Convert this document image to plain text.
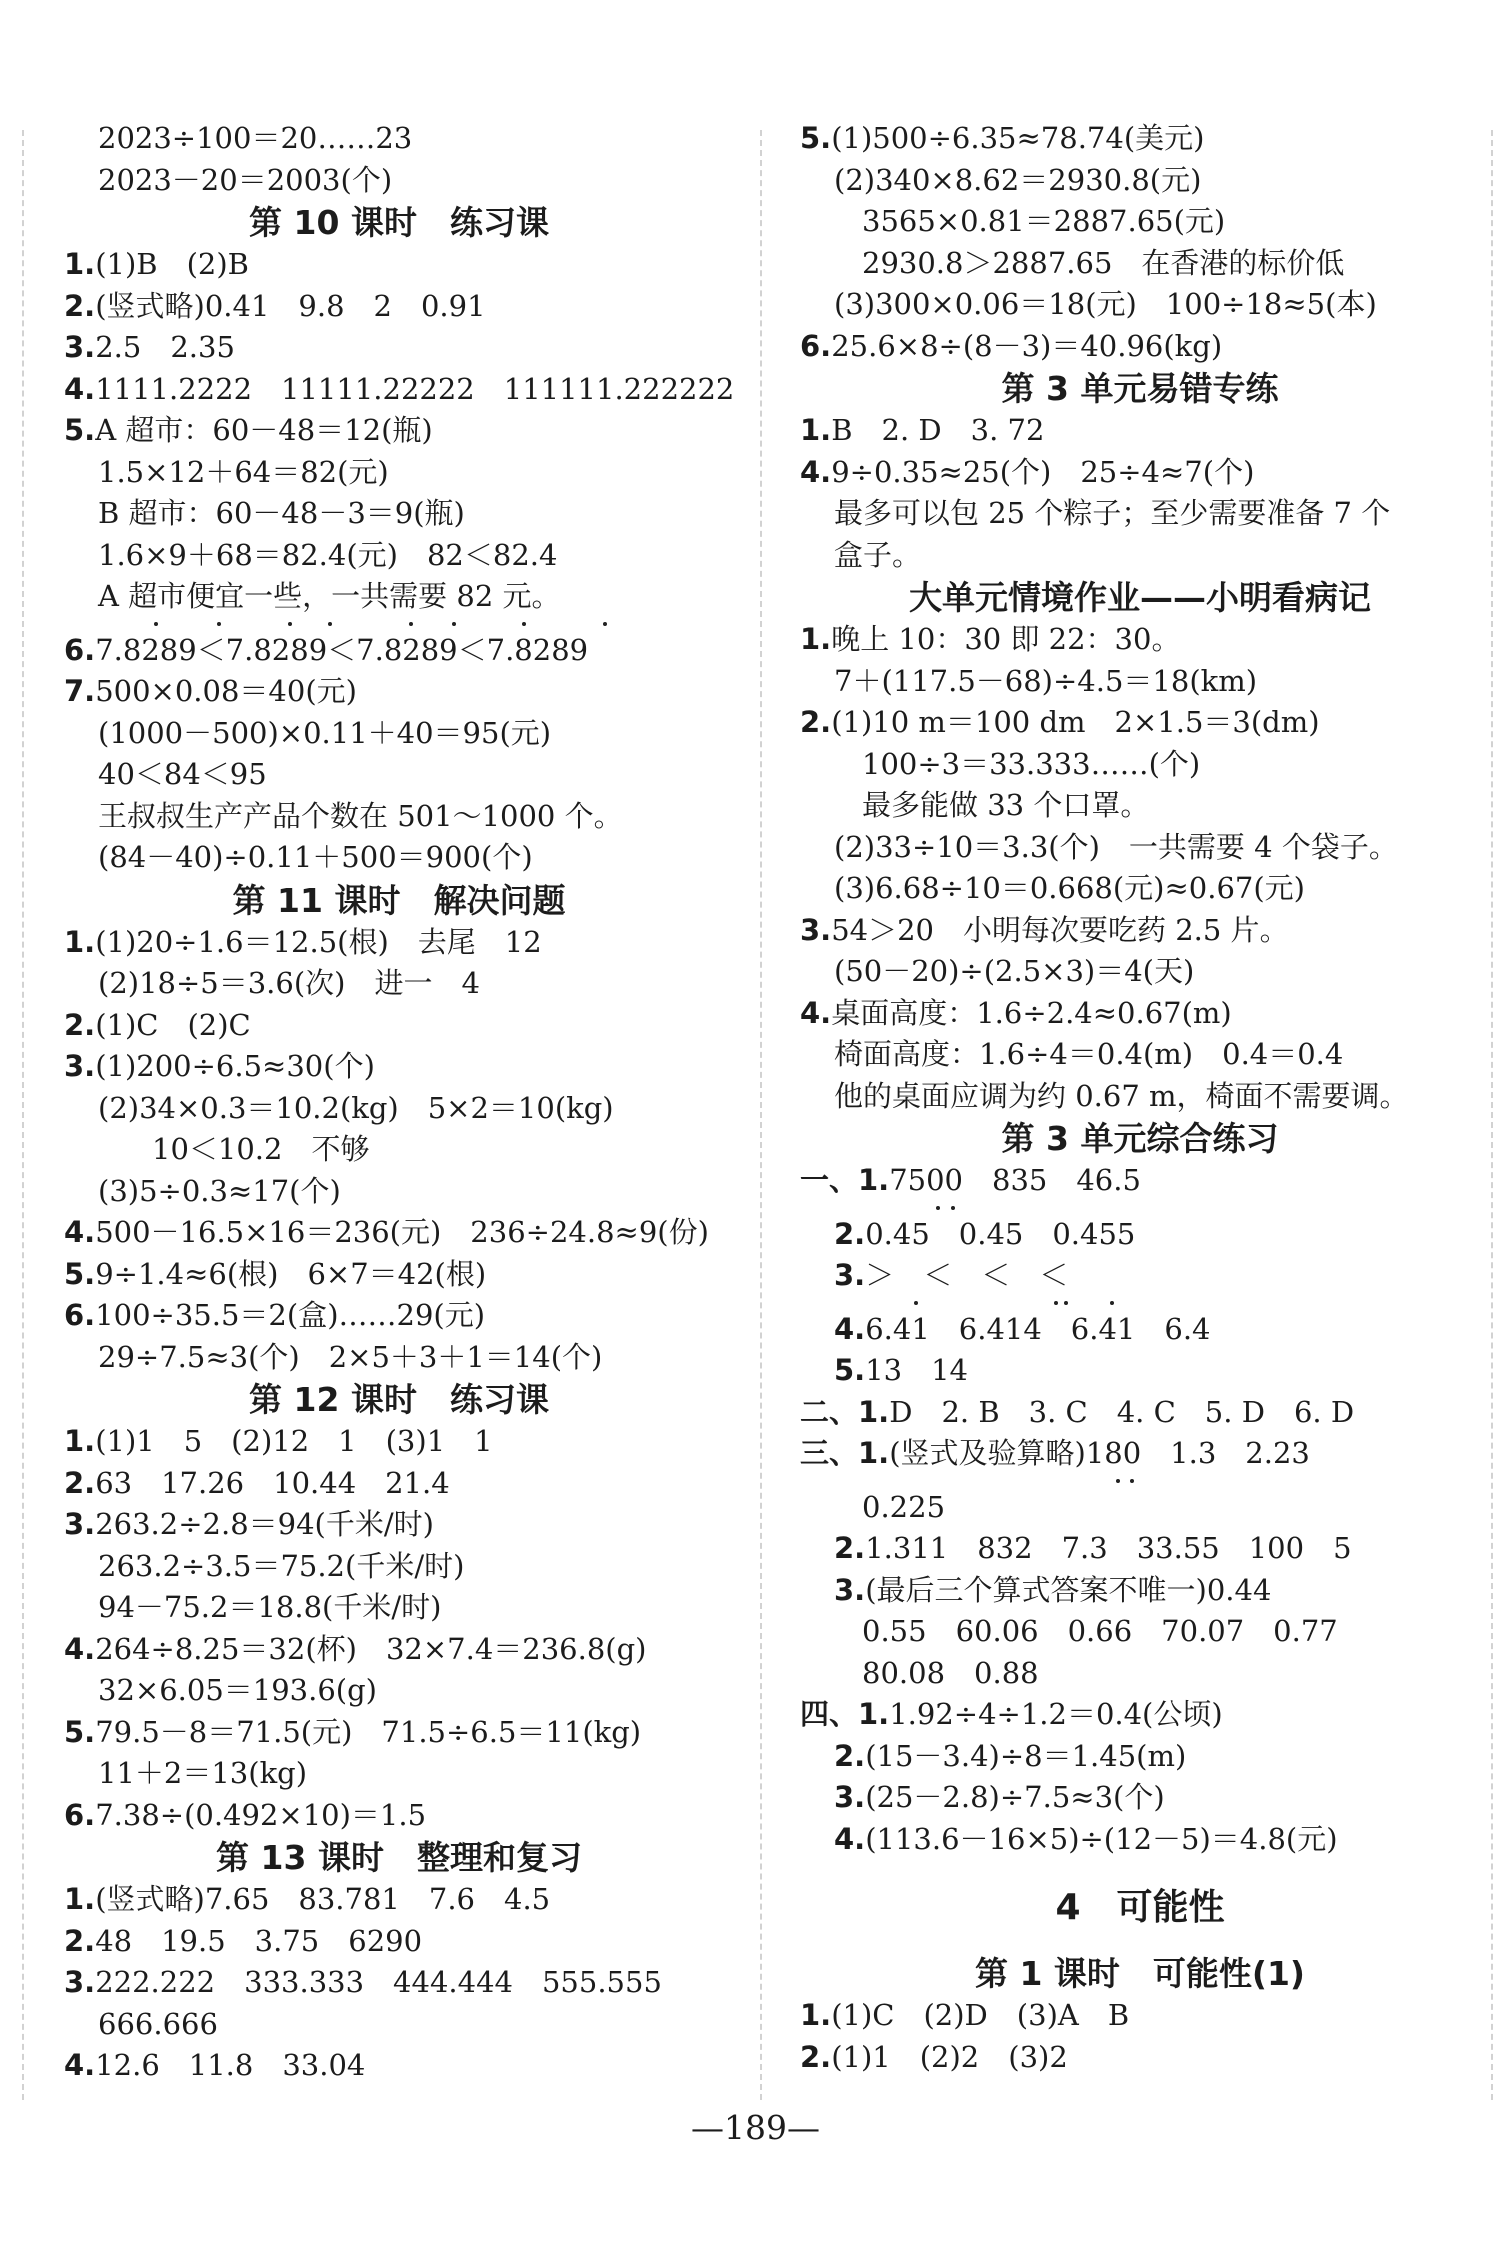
2023÷100＝20……23
2023－20＝2003(个)
第 10 课时　练习课
1.(1)B　(2)B
2.(竖式略)0.41　9.8　2　0.91
3.2.5　2.35
4.1111.2222　11111.22222　111111.222222
5.A 超市：60－48＝12(瓶)
1.5×12＋64＝82(元)
B 超市：60－48－3＝9(瓶)
1.6×9＋68＝82.4(元)　82＜82.4
A 超市便宜一些，一共需要 82 元。
6.7.8289＜7.8289＜7.8289＜7.8289
7.500×0.08＝40(元)
(1000－500)×0.11＋40＝95(元)
40＜84＜95
王叔叔生产产品个数在 501～1000 个。
(84－40)÷0.11＋500＝900(个)
第 11 课时　解决问题
1.(1)20÷1.6＝12.5(根)　去尾　12
(2)18÷5＝3.6(次)　进一　4
2.(1)C　(2)C
3.(1)200÷6.5≈30(个)
(2)34×0.3＝10.2(kg)　5×2＝10(kg)
10＜10.2　不够
(3)5÷0.3≈17(个)
4.500－16.5×16＝236(元)　236÷24.8≈9(份)
5.9÷1.4≈6(根)　6×7＝42(根)
6.100÷35.5＝2(盒)……29(元)
29÷7.5≈3(个)　2×5＋3＋1＝14(个)
第 12 课时　练习课
1.(1)1　5　(2)12　1　(3)1　1
2.63　17.26　10.44　21.4
3.263.2÷2.8＝94(千米/时)
263.2÷3.5＝75.2(千米/时)
94－75.2＝18.8(千米/时)
4.264÷8.25＝32(杯)　32×7.4＝236.8(g)
32×6.05＝193.6(g)
5.79.5－8＝71.5(元)　71.5÷6.5＝11(kg)
11＋2＝13(kg)
6.7.38÷(0.492×10)＝1.5
第 13 课时　整理和复习
1.(竖式略)7.65　83.781　7.6　4.5
2.48　19.5　3.75　6290
3.222.222　333.333　444.444　555.555
666.666
4.12.6　11.8　33.04
5.(1)500÷6.35≈78.74(美元)
(2)340×8.62＝2930.8(元)
3565×0.81＝2887.65(元)
2930.8＞2887.65　在香港的标价低
(3)300×0.06＝18(元)　100÷18≈5(本)
6.25.6×8÷(8－3)＝40.96(kg)
第 3 单元易错专练
1.B　2. D　3. 72
4.9÷0.35≈25(个)　25÷4≈7(个)
最多可以包 25 个粽子；至少需要准备 7 个
盒子。
大单元情境作业——小明看病记
1.晚上 10：30 即 22：30。
7＋(117.5－68)÷4.5＝18(km)
2.(1)10 m＝100 dm　2×1.5＝3(dm)
100÷3＝33.333……(个)
最多能做 33 个口罩。
(2)33÷10＝3.3(个)　一共需要 4 个袋子。
(3)6.68÷10＝0.668(元)≈0.67(元)
3.54＞20　小明每次要吃药 2.5 片。
(50－20)÷(2.5×3)＝4(天)
4.桌面高度：1.6÷2.4≈0.67(m)
椅面高度：1.6÷4＝0.4(m)　0.4＝0.4
他的桌面应调为约 0.67 m，椅面不需要调。
第 3 单元综合练习
一、1.7500　835　46.5
2.0.45　0.45　0.455
3.＞　＜　＜　＜
4.6.41　6.414　6.41　6.4
5.13　14
二、1.D　2. B　3. C　4. C　5. D　6. D
三、1.(竖式及验算略)180　1.3　2.23
0.225
2.1.311　832　7.3　33.55　100　5
3.(最后三个算式答案不唯一)0.44
0.55　60.06　0.66　70.07　0.77
80.08　0.88
四、1.1.92÷4÷1.2＝0.4(公顷)
2.(15－3.4)÷8＝1.45(m)
3.(25－2.8)÷7.5≈3(个)
4.(113.6－16×5)÷(12－5)＝4.8(元)
4　可能性
第 1 课时　可能性(1)
1.(1)C　(2)D　(3)A　B
2.(1)1　(2)2　(3)2
—189—
